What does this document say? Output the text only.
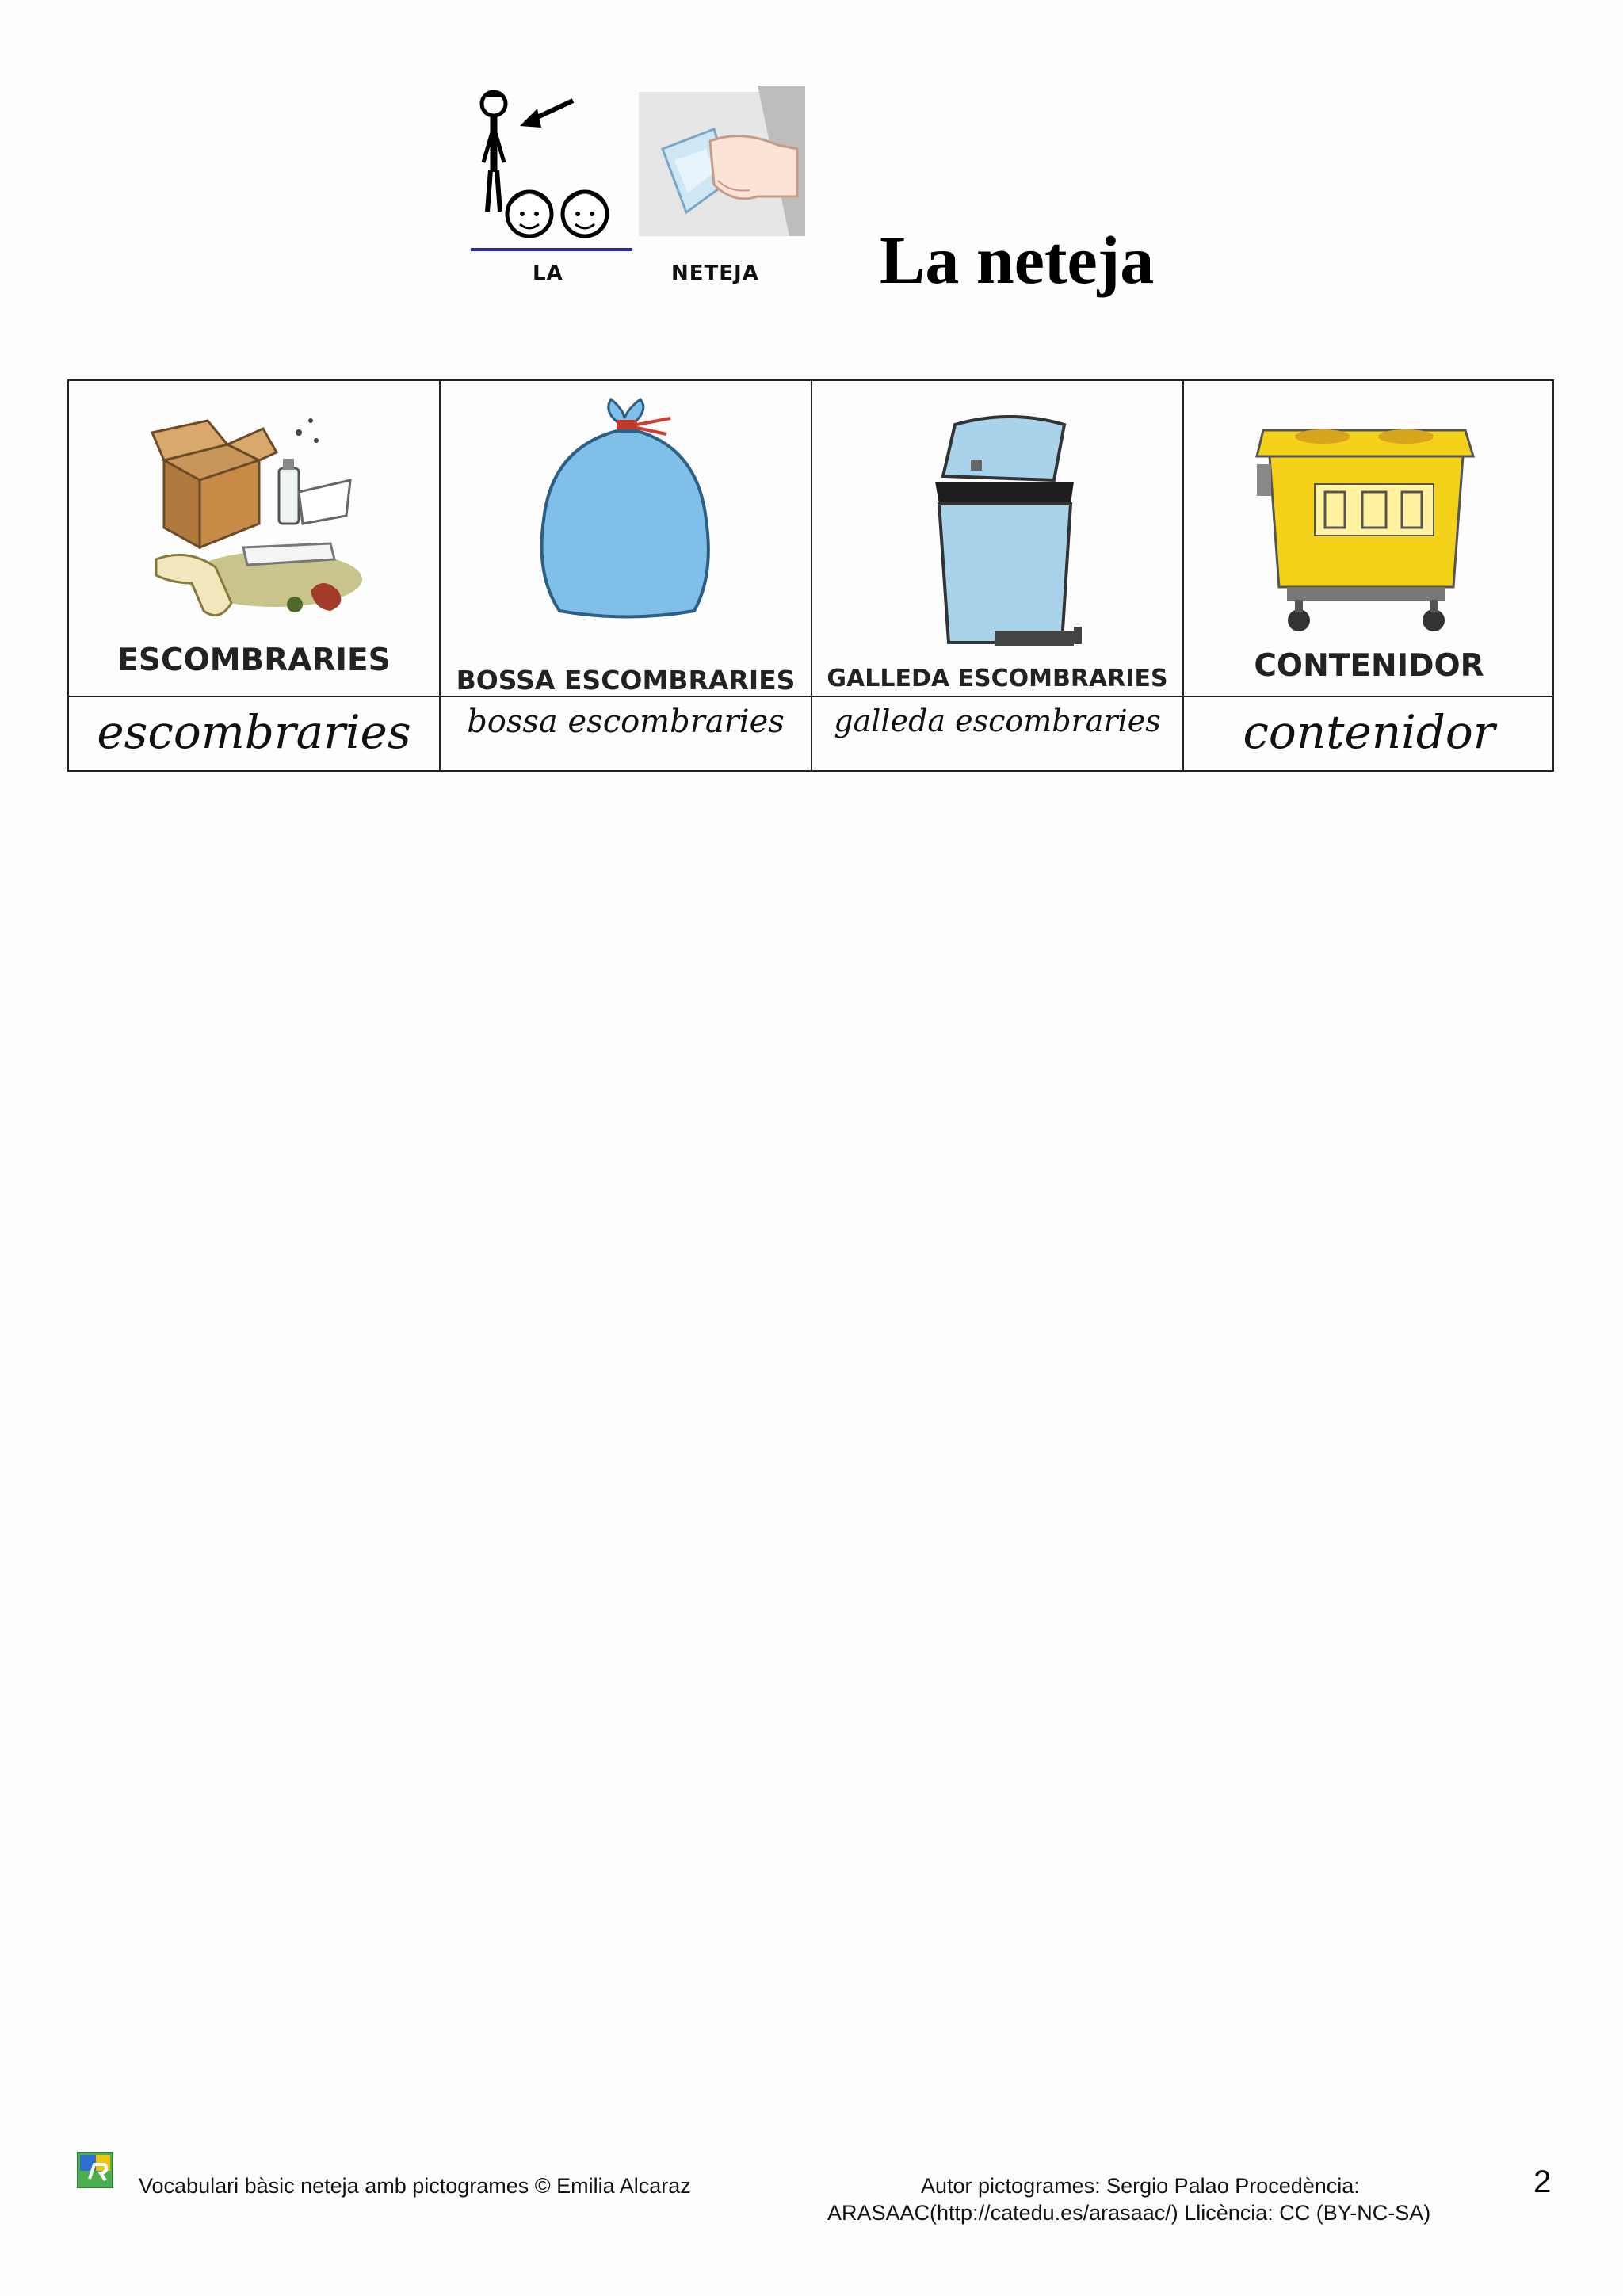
LA	NETEJA La neteja
ESCOMBRARIES
escombraries
BOSSA ESCOMBRARIES
bossa escombraries
GALLEDA ESCOMBRARIES
galleda escombraries
CONTENIDOR
contenidor
Vocabulari bàsic neteja amb pictogrames © Emilia Alcaraz	Autor pictogrames: Sergio Palao Procedència:
ARASAAC(http://catedu.es/arasaac/) Llicència: CC (BY-NC-SA)
2
